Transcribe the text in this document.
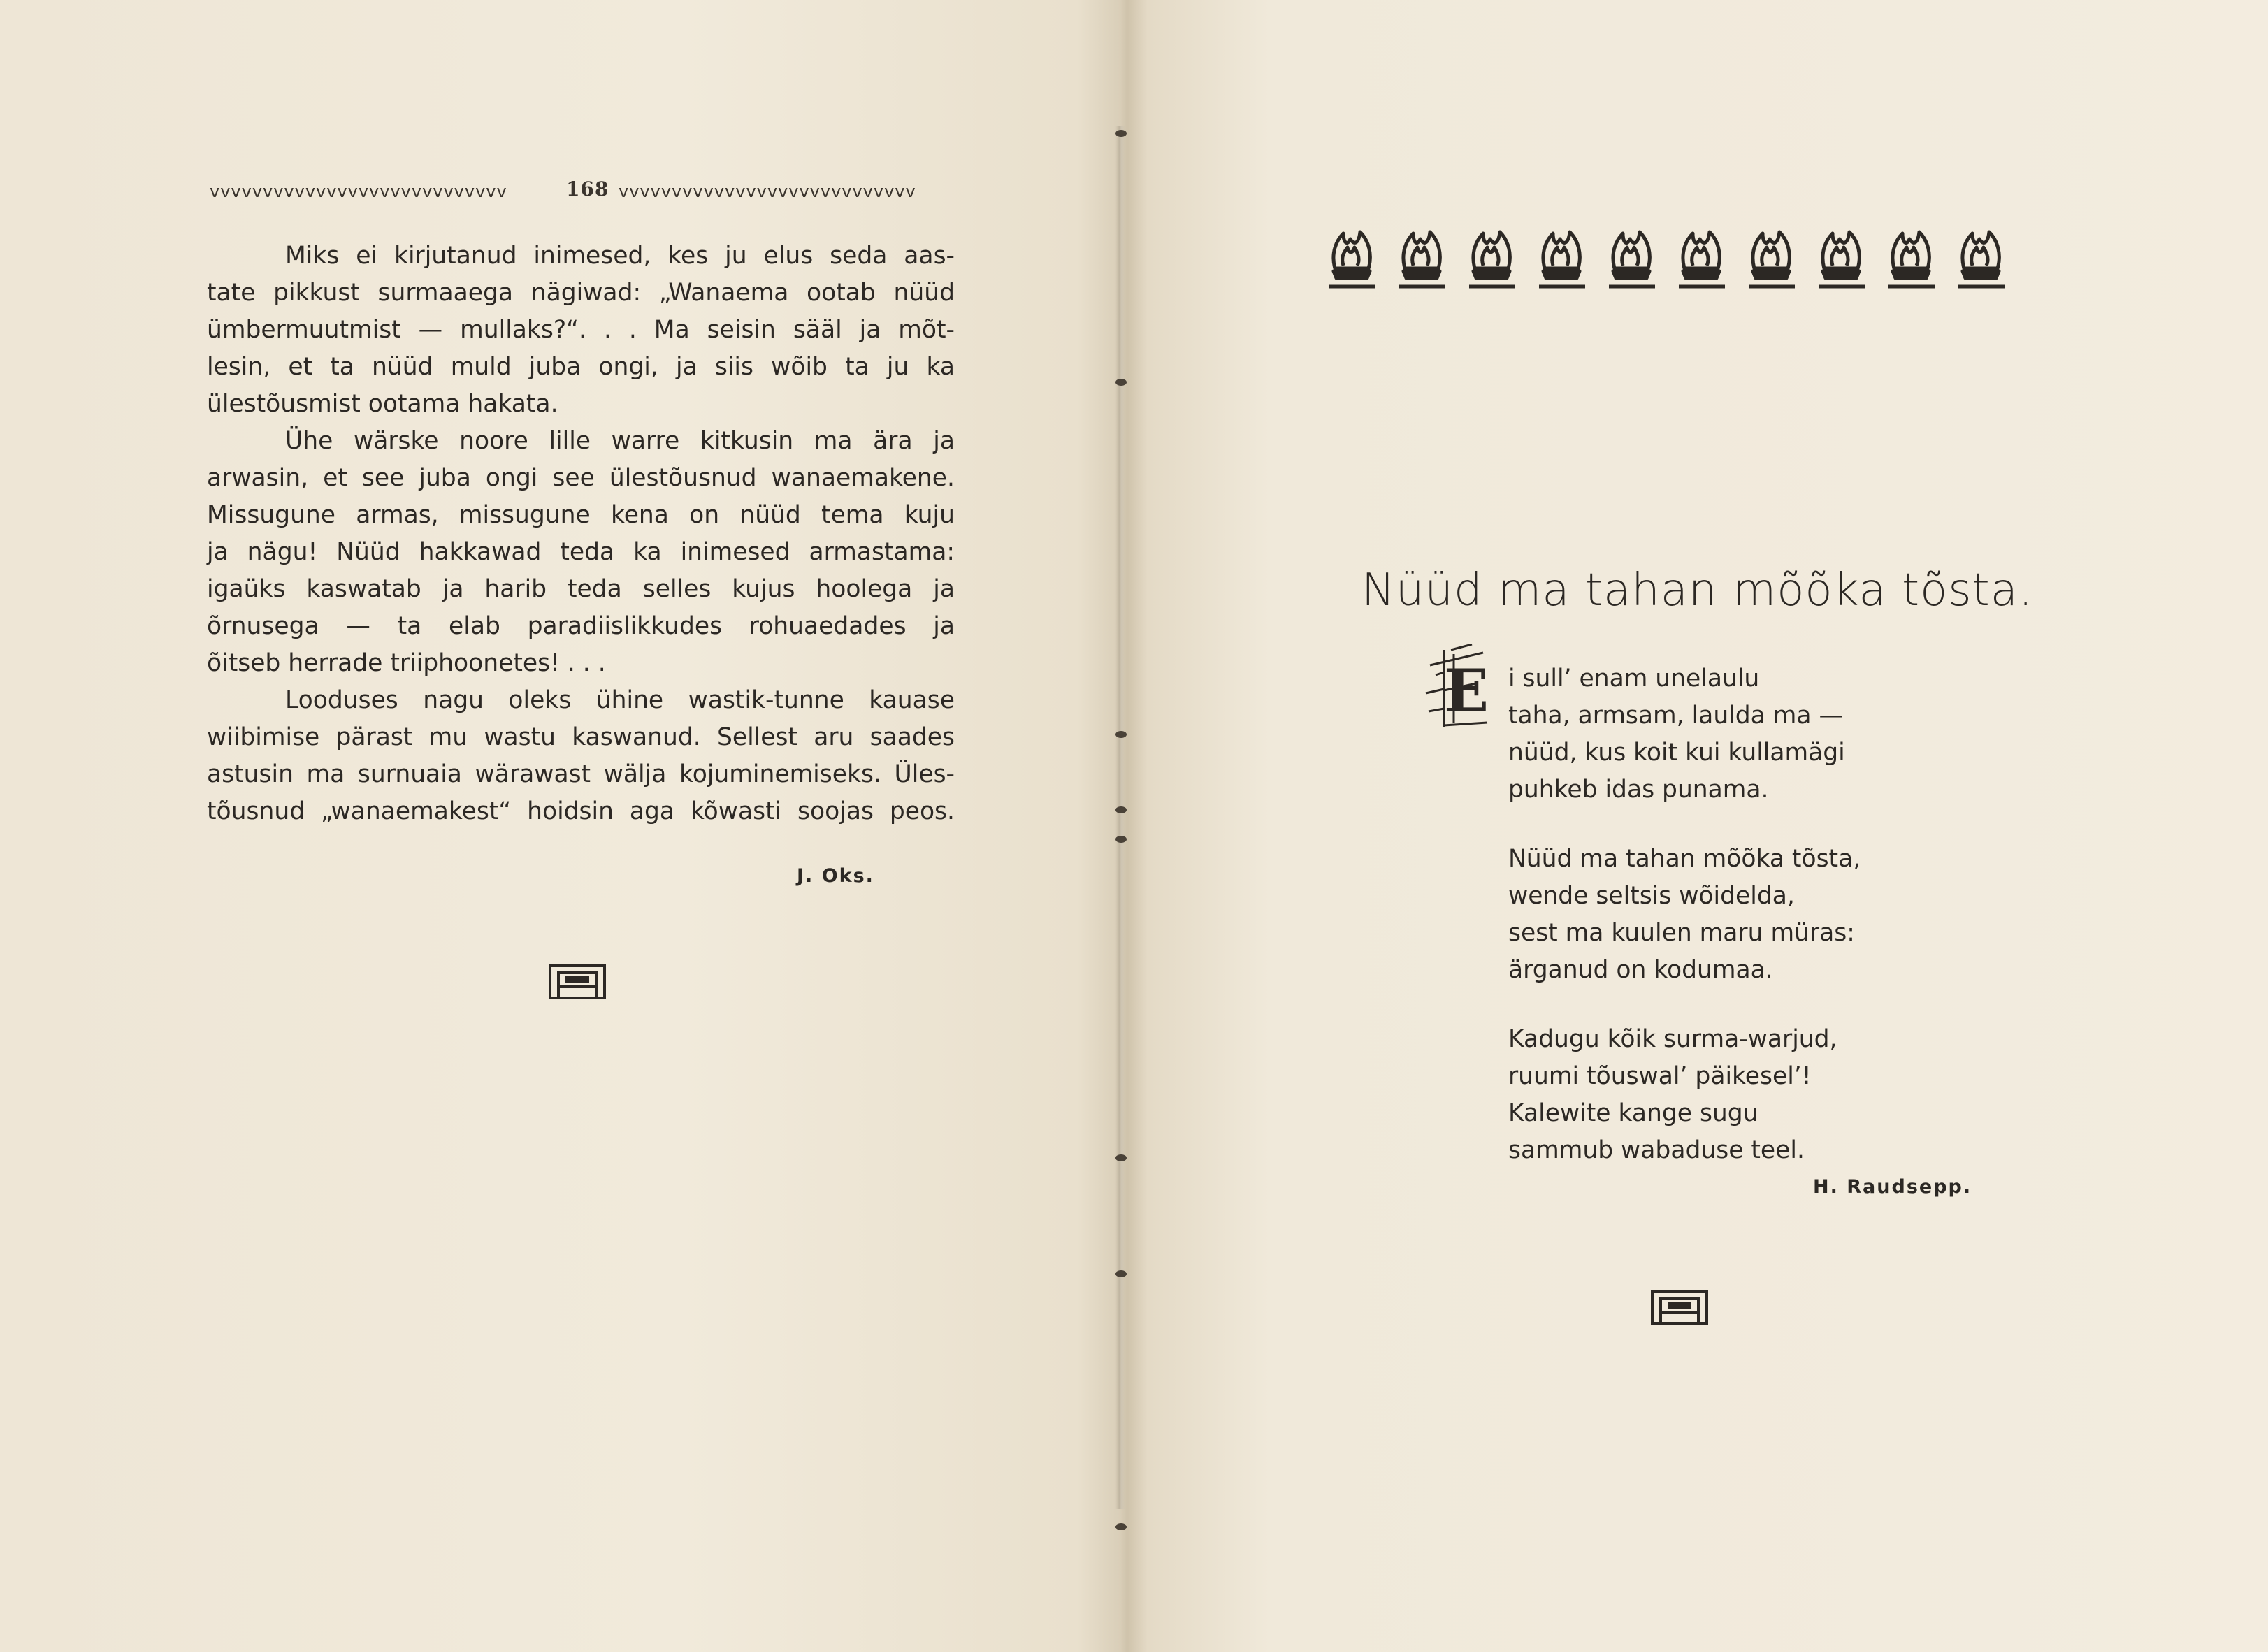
vvvvvvvvvvvvvvvvvvvvvvvvvvvv	168 vvvvvvvvvvvvvvvvvvvvvvvvvvvv
Miks ei kirjutanud inimesed, kes ju elus seda aas-
tate pikkust surmaaega nägiwad: „Wanaema ootab nüüd
ümbermuutmist — mullaks?“. . . Ma seisin sääl ja mõt-
lesin, et ta nüüd muld juba ongi, ja siis wõib ta ju ka
ülestõusmist ootama hakata.
Ühe wärske noore lille warre kitkusin ma ära ja
arwasin, et see juba ongi see ülestõusnud wanaemakene.
Missugune armas, missugune kena on nüüd tema kuju
ja nägu! Nüüd hakkawad teda ka inimesed armastama:
igaüks kaswatab ja harib teda selles kujus hoolega ja
õrnusega — ta elab paradiislikkudes rohuaedades ja
õitseb herrade triiphoonetes! . . .
Looduses nagu oleks ühine wastik-tunne kauase
wiibimise pärast mu wastu kaswanud. Sellest aru saades
astusin ma surnuaia wärawast wälja kojuminemiseks. Üles-
tõusnud „wanaemakest“ hoidsin aga kõwasti soojas peos.
J. Oks.
Nüüd ma tahan mõõka tõsta.
E i sull’ enam unelaulu
taha, armsam, laulda ma —
nüüd, kus koit kui kullamägi
puhkeb idas punama.
Nüüd ma tahan mõõka tõsta,
wende seltsis wõidelda,
sest ma kuulen maru müras:
ärganud on kodumaa.
Kadugu kõik surma-warjud,
ruumi tõuswal’ päikesel’!
Kalewite kange sugu
sammub wabaduse teel.
H. Raudsepp.
